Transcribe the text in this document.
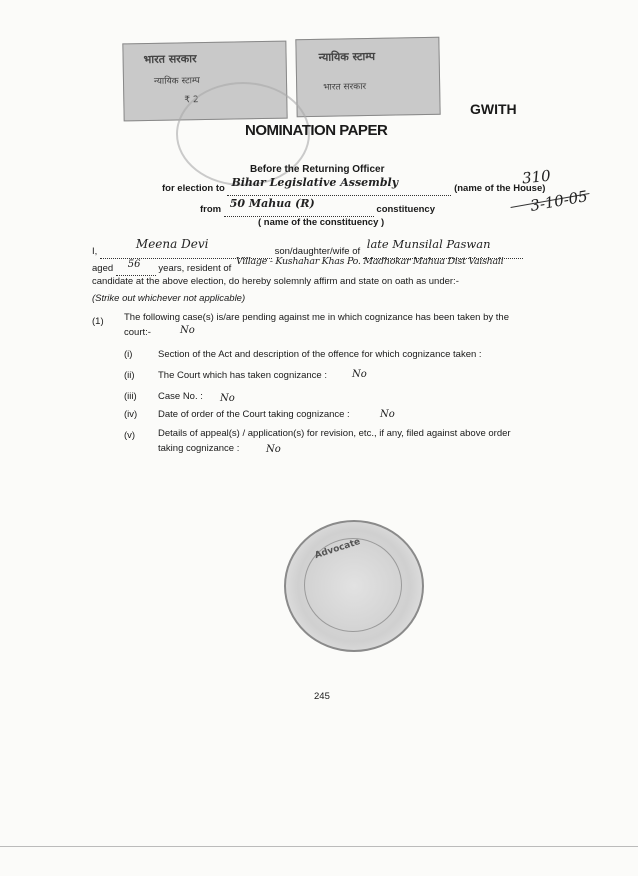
भारत सरकार
न्यायिक स्टाम्प
₹ 2
न्यायिक स्टाम्प
भारत सरकार
GWITH
NOMINATION PAPER
Before the Returning Officer
for election to Bihar Legislative Assembly	(name of the House)
from 50 Mahua (R)	constituency
( name of the constituency )
310
3-10-05
I,
Meena Devi
son/daughter/wife of
late Munsilal Paswan

aged 56 years, resident of
Village - Kushahar Khas Po. Madhokar Mahua Dist Vaishali

candidate at the above election, do hereby solemnly affirm and state on oath as under:-
(Strike out whichever not applicable)
(1) The following case(s) is/are pending against me in which cognizance has been taken by the
court:-	No
(i)	Section of the Act and description of the offence for which cognizance taken :
(ii) The Court which has taken cognizance :	No
(iii) Case No. : No
(iv) Date of order of the Court taking cognizance :	No
(v) Details of appeal(s) / application(s) for revision, etc., if any, filed against above order
taking cognizance :	No
Advocate
245
